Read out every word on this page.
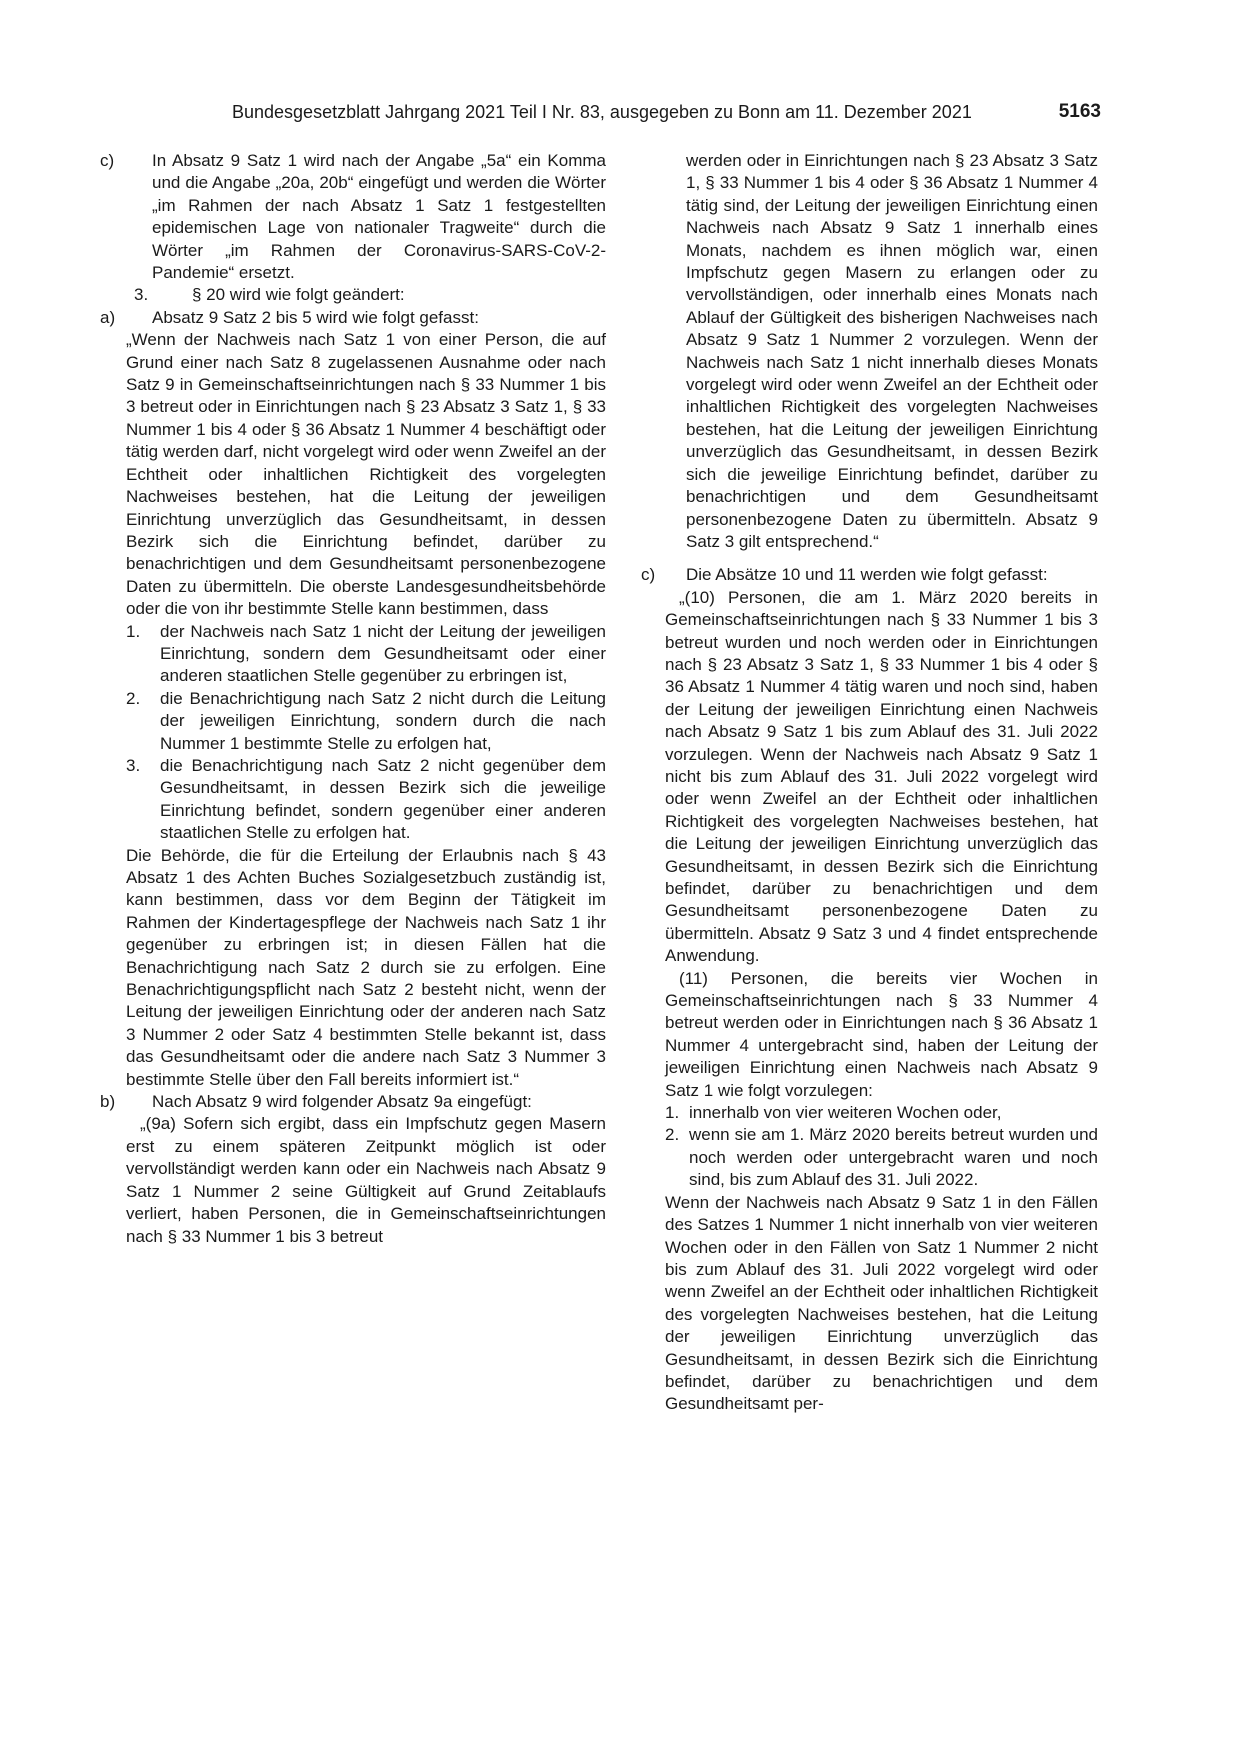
Bundesgesetzblatt Jahrgang 2021 Teil I Nr. 83, ausgegeben zu Bonn am 11. Dezember 2021	5163

c) In Absatz 9 Satz 1 wird nach der Angabe „5a“ ein Komma und die Angabe „20a, 20b“ eingefügt und werden die Wörter „im Rahmen der nach Absatz 1 Satz 1 festgestellten epidemischen Lage von nationaler Tragweite“ durch die Wörter „im Rahmen der Coronavirus-SARS-CoV-2-Pandemie“ ersetzt.

3.	§ 20 wird wie folgt geändert:

a) Absatz 9 Satz 2 bis 5 wird wie folgt gefasst:

„Wenn der Nachweis nach Satz 1 von einer Person, die auf Grund einer nach Satz 8 zugelassenen Ausnahme oder nach Satz 9 in Gemeinschaftseinrichtungen nach § 33 Nummer 1 bis 3 betreut oder in Einrichtungen nach § 23 Absatz 3 Satz 1, § 33 Nummer 1 bis 4 oder § 36 Absatz 1 Nummer 4 beschäftigt oder tätig werden darf, nicht vorgelegt wird oder wenn Zweifel an der Echtheit oder inhaltlichen Richtigkeit des vorgelegten Nachweises bestehen, hat die Leitung der jeweiligen Einrichtung unverzüglich das Gesundheitsamt, in dessen Bezirk sich die Einrichtung befindet, darüber zu benachrichtigen und dem Gesundheitsamt personenbezogene Daten zu übermitteln. Die oberste Landesgesundheitsbehörde oder die von ihr bestimmte Stelle kann bestimmen, dass

1. der Nachweis nach Satz 1 nicht der Leitung der jeweiligen Einrichtung, sondern dem Gesundheitsamt oder einer anderen staatlichen Stelle gegenüber zu erbringen ist,

2. die Benachrichtigung nach Satz 2 nicht durch die Leitung der jeweiligen Einrichtung, sondern durch die nach Nummer 1 bestimmte Stelle zu erfolgen hat,

3. die Benachrichtigung nach Satz 2 nicht gegenüber dem Gesundheitsamt, in dessen Bezirk sich die jeweilige Einrichtung befindet, sondern gegenüber einer anderen staatlichen Stelle zu erfolgen hat.

Die Behörde, die für die Erteilung der Erlaubnis nach § 43 Absatz 1 des Achten Buches Sozialgesetzbuch zuständig ist, kann bestimmen, dass vor dem Beginn der Tätigkeit im Rahmen der Kindertagespflege der Nachweis nach Satz 1 ihr gegenüber zu erbringen ist; in diesen Fällen hat die Benachrichtigung nach Satz 2 durch sie zu erfolgen. Eine Benachrichtigungspflicht nach Satz 2 besteht nicht, wenn der Leitung der jeweiligen Einrichtung oder der anderen nach Satz 3 Nummer 2 oder Satz 4 bestimmten Stelle bekannt ist, dass das Gesundheitsamt oder die andere nach Satz 3 Nummer 3 bestimmte Stelle über den Fall bereits informiert ist.“

b) Nach Absatz 9 wird folgender Absatz 9a eingefügt:

„(9a) Sofern sich ergibt, dass ein Impfschutz gegen Masern erst zu einem späteren Zeitpunkt möglich ist oder vervollständigt werden kann oder ein Nachweis nach Absatz 9 Satz 1 Nummer 2 seine Gültigkeit auf Grund Zeitablaufs verliert, haben Personen, die in Gemeinschaftseinrichtungen nach § 33 Nummer 1 bis 3 betreut

werden oder in Einrichtungen nach § 23 Absatz 3 Satz 1, § 33 Nummer 1 bis 4 oder § 36 Absatz 1 Nummer 4 tätig sind, der Leitung der jeweiligen Einrichtung einen Nachweis nach Absatz 9 Satz 1 innerhalb eines Monats, nachdem es ihnen möglich war, einen Impfschutz gegen Masern zu erlangen oder zu vervollständigen, oder innerhalb eines Monats nach Ablauf der Gültigkeit des bisherigen Nachweises nach Absatz 9 Satz 1 Nummer 2 vorzulegen. Wenn der Nachweis nach Satz 1 nicht innerhalb dieses Monats vorgelegt wird oder wenn Zweifel an der Echtheit oder inhaltlichen Richtigkeit des vorgelegten Nachweises bestehen, hat die Leitung der jeweiligen Einrichtung unverzüglich das Gesundheitsamt, in dessen Bezirk sich die jeweilige Einrichtung befindet, darüber zu benachrichtigen und dem Gesundheitsamt personenbezogene Daten zu übermitteln. Absatz 9 Satz 3 gilt entsprechend.“

c) Die Absätze 10 und 11 werden wie folgt gefasst:

„(10) Personen, die am 1. März 2020 bereits in Gemeinschaftseinrichtungen nach § 33 Nummer 1 bis 3 betreut wurden und noch werden oder in Einrichtungen nach § 23 Absatz 3 Satz 1, § 33 Nummer 1 bis 4 oder § 36 Absatz 1 Nummer 4 tätig waren und noch sind, haben der Leitung der jeweiligen Einrichtung einen Nachweis nach Absatz 9 Satz 1 bis zum Ablauf des 31. Juli 2022 vorzulegen. Wenn der Nachweis nach Absatz 9 Satz 1 nicht bis zum Ablauf des 31. Juli 2022 vorgelegt wird oder wenn Zweifel an der Echtheit oder inhaltlichen Richtigkeit des vorgelegten Nachweises bestehen, hat die Leitung der jeweiligen Einrichtung unverzüglich das Gesundheitsamt, in dessen Bezirk sich die Einrichtung befindet, darüber zu benachrichtigen und dem Gesundheitsamt personenbezogene Daten zu übermitteln. Absatz 9 Satz 3 und 4 findet entsprechende Anwendung.

(11) Personen, die bereits vier Wochen in Gemeinschaftseinrichtungen nach § 33 Nummer 4 betreut werden oder in Einrichtungen nach § 36 Absatz 1 Nummer 4 untergebracht sind, haben der Leitung der jeweiligen Einrichtung einen Nachweis nach Absatz 9 Satz 1 wie folgt vorzulegen:

1. innerhalb von vier weiteren Wochen oder,

2. wenn sie am 1. März 2020 bereits betreut wurden und noch werden oder untergebracht waren und noch sind, bis zum Ablauf des 31. Juli 2022.

Wenn der Nachweis nach Absatz 9 Satz 1 in den Fällen des Satzes 1 Nummer 1 nicht innerhalb von vier weiteren Wochen oder in den Fällen von Satz 1 Nummer 2 nicht bis zum Ablauf des 31. Juli 2022 vorgelegt wird oder wenn Zweifel an der Echtheit oder inhaltlichen Richtigkeit des vorgelegten Nachweises bestehen, hat die Leitung der jeweiligen Einrichtung unverzüglich das Gesundheitsamt, in dessen Bezirk sich die Einrichtung befindet, darüber zu benachrichtigen und dem Gesundheitsamt per-
